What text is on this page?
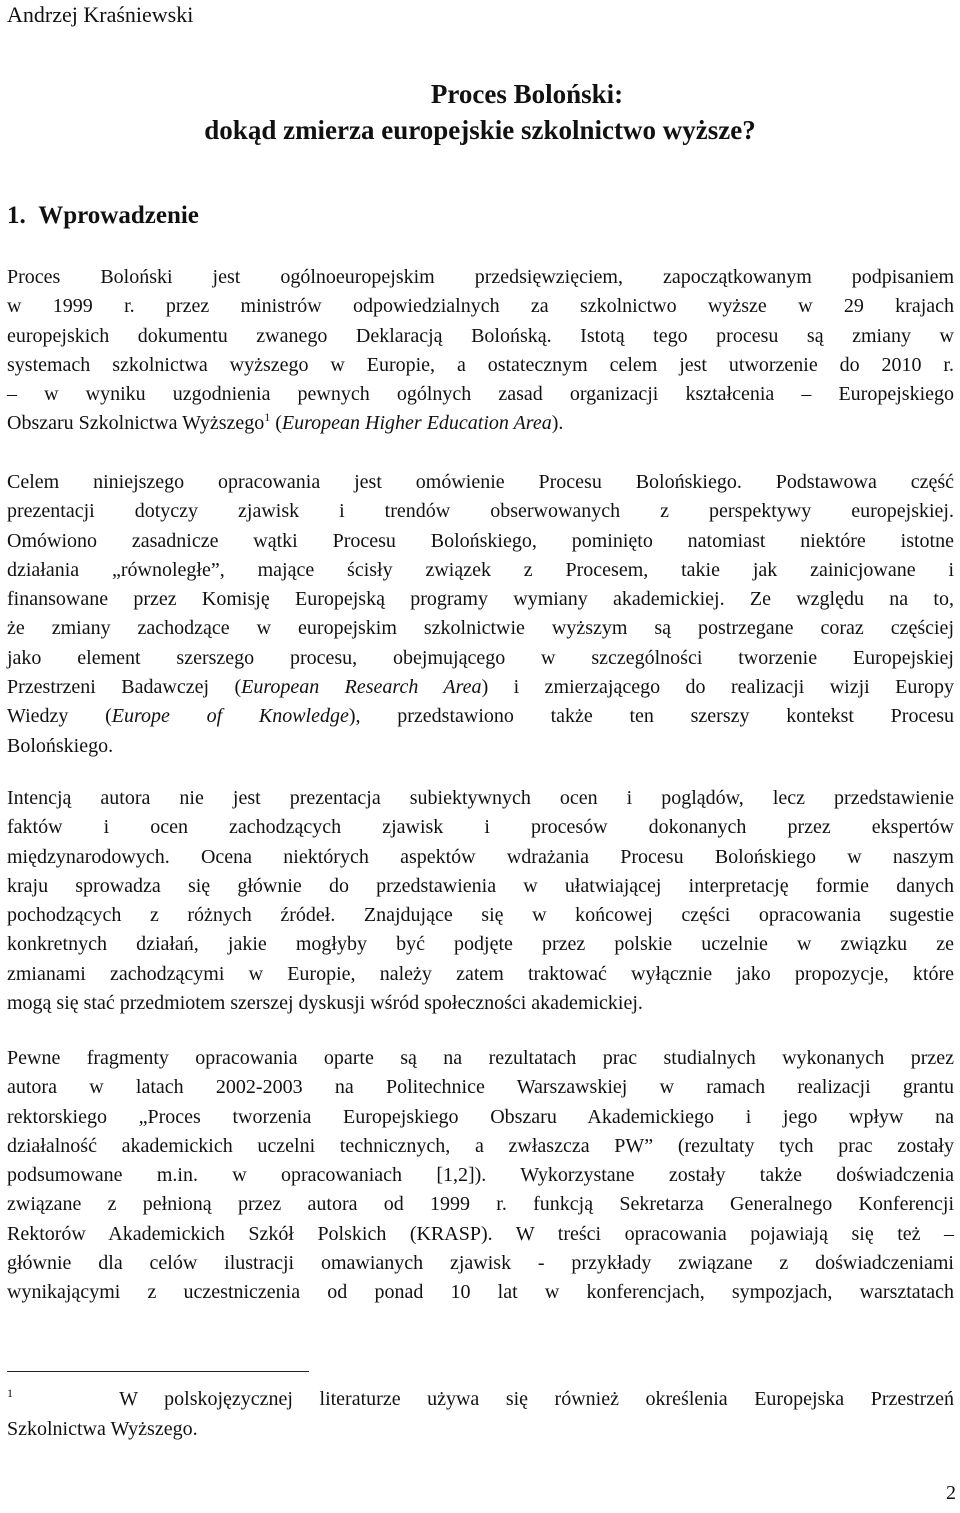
Andrzej Kraśniewski
Proces Boloński:
dokąd zmierza europejskie szkolnictwo wyższe?
1. Wprowadzenie
Proces Boloński jest ogólnoeuropejskim przedsięwzięciem, zapoczątkowanym podpisaniem
w 1999 r. przez ministrów odpowiedzialnych za szkolnictwo wyższe w 29 krajach
europejskich dokumentu zwanego Deklaracją Bolońską. Istotą tego procesu są zmiany w
systemach szkolnictwa wyższego w Europie, a ostatecznym celem jest utworzenie do 2010 r.
– w wyniku uzgodnienia pewnych ogólnych zasad organizacji kształcenia – Europejskiego
Obszaru Szkolnictwa Wyższego$^1$ (European Higher Education Area).
Celem niniejszego opracowania jest omówienie Procesu Bolońskiego. Podstawowa część
prezentacji dotyczy zjawisk i trendów obserwowanych z perspektywy europejskiej.
Omówiono zasadnicze wątki Procesu Bolońskiego, pominięto natomiast niektóre istotne
działania „równoległe”, mające ścisły związek z Procesem, takie jak zainicjowane i
finansowane przez Komisję Europejską programy wymiany akademickiej. Ze względu na to,
że zmiany zachodzące w europejskim szkolnictwie wyższym są postrzegane coraz częściej
jako element szerszego procesu, obejmującego w szczególności tworzenie Europejskiej
Przestrzeni Badawczej (European Research Area) i zmierzającego do realizacji wizji Europy
Wiedzy (Europe of Knowledge), przedstawiono także ten szerszy kontekst Procesu
Bolońskiego.
Intencją autora nie jest prezentacja subiektywnych ocen i poglądów, lecz przedstawienie
faktów i ocen zachodzących zjawisk i procesów dokonanych przez ekspertów
międzynarodowych. Ocena niektórych aspektów wdrażania Procesu Bolońskiego w naszym
kraju sprowadza się głównie do przedstawienia w ułatwiającej interpretację formie danych
pochodzących z różnych źródeł. Znajdujące się w końcowej części opracowania sugestie
konkretnych działań, jakie mogłyby być podjęte przez polskie uczelnie w związku ze
zmianami zachodzącymi w Europie, należy zatem traktować wyłącznie jako propozycje, które
mogą się stać przedmiotem szerszej dyskusji wśród społeczności akademickiej.
Pewne fragmenty opracowania oparte są na rezultatach prac studialnych wykonanych przez
autora w latach 2002-2003 na Politechnice Warszawskiej w ramach realizacji grantu
rektorskiego „Proces tworzenia Europejskiego Obszaru Akademickiego i jego wpływ na
działalność akademickich uczelni technicznych, a zwłaszcza PW” (rezultaty tych prac zostały
podsumowane m.in. w opracowaniach [1,2]). Wykorzystane zostały także doświadczenia
związane z pełnioną przez autora od 1999 r. funkcją Sekretarza Generalnego Konferencji
Rektorów Akademickich Szkół Polskich (KRASP). W treści opracowania pojawiają się też –
głównie dla celów ilustracji omawianych zjawisk - przykłady związane z doświadczeniami
wynikającymi z uczestniczenia od ponad 10 lat w konferencjach, sympozjach, warsztatach
$^1$	W polskojęzycznej literaturze używa się również określenia Europejska Przestrzeń
Szkolnictwa Wyższego.
2
